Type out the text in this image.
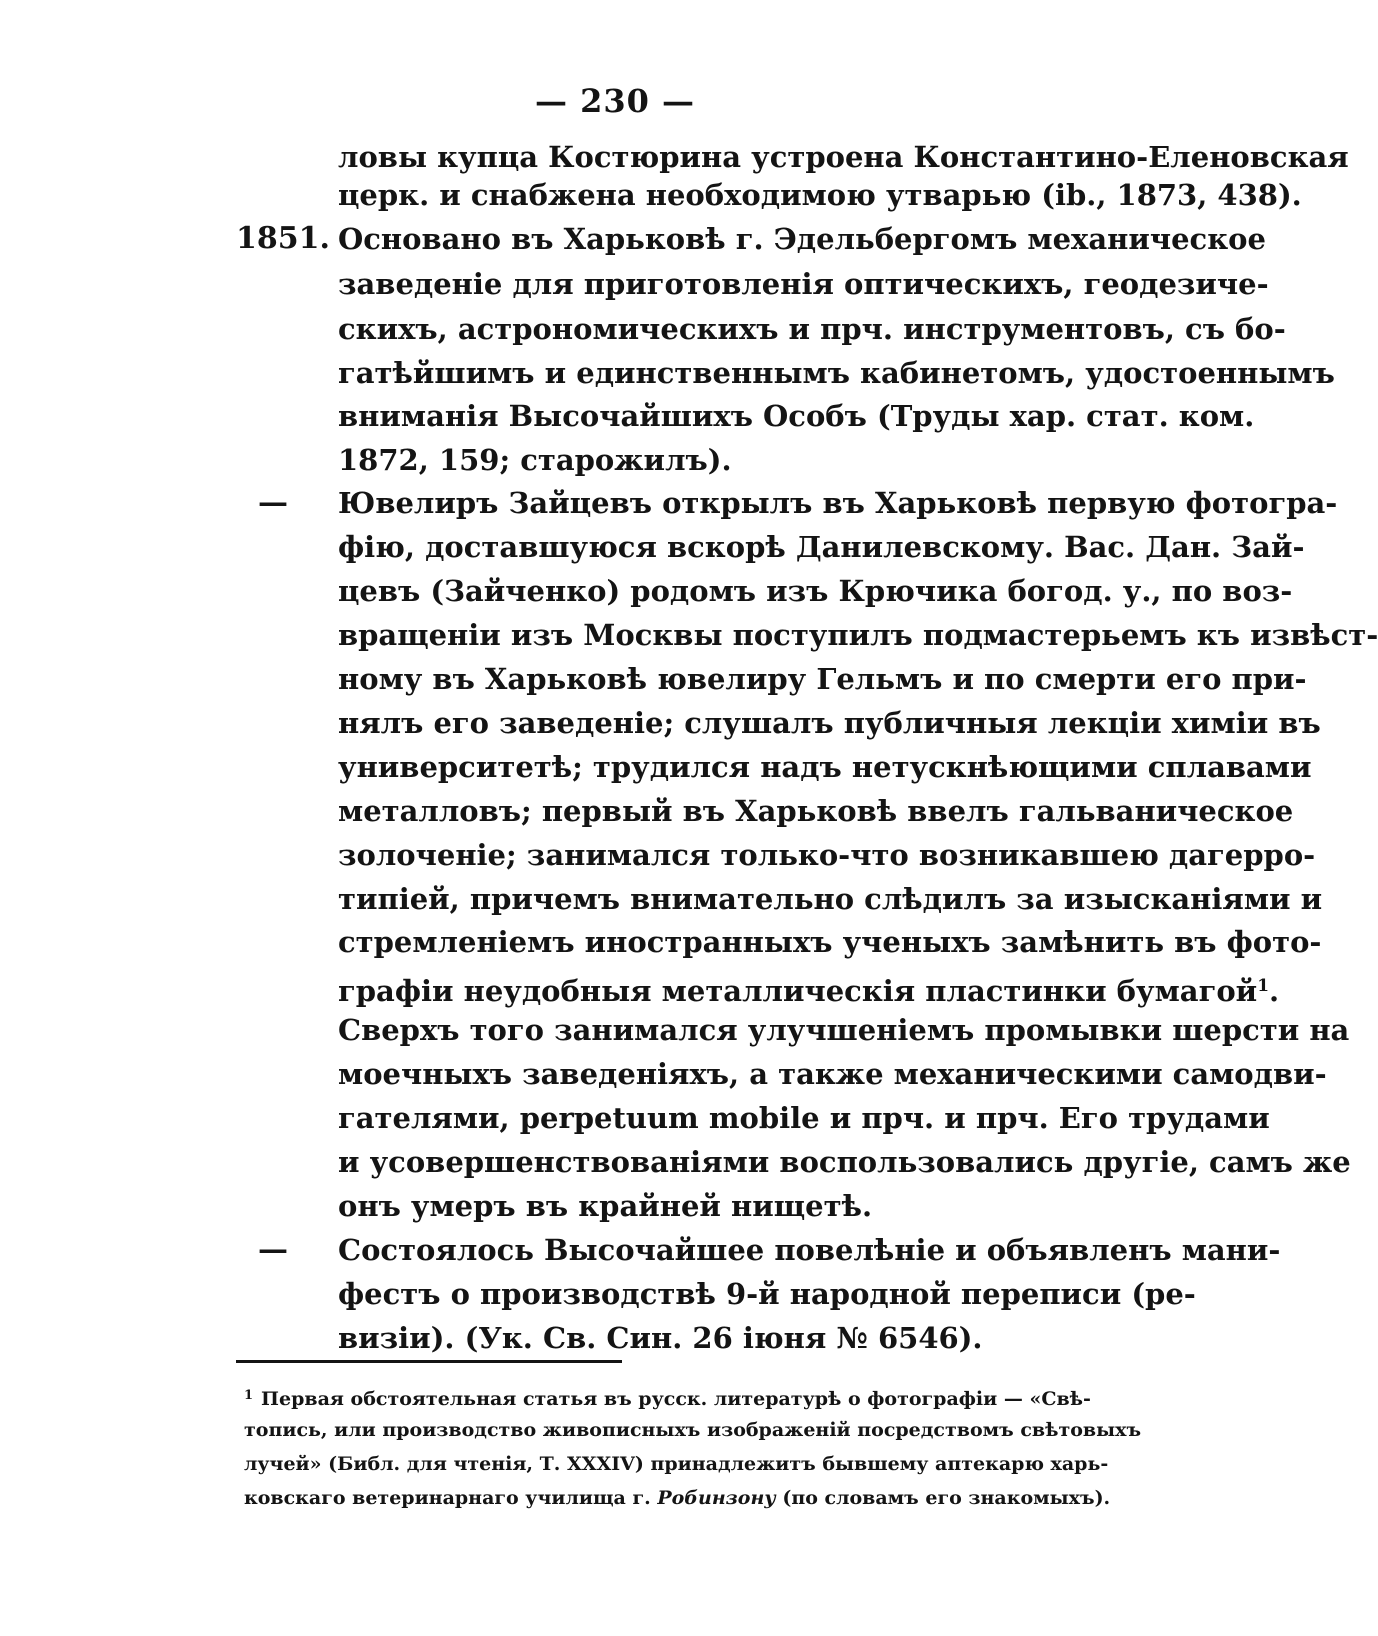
— 230 —
ловы купца Костюрина устроена Константино-Еленовская
церк. и снабжена необходимою утварью (ib., 1873, 438).
1851. Основано въ Харьковѣ г. Эдельбергомъ механическое
заведеніе для приготовленія оптическихъ, геодезиче-
скихъ, астрономическихъ и прч. инструментовъ, съ бо-
гатѣйшимъ и единственнымъ кабинетомъ, удостоеннымъ
вниманія Высочайшихъ Особъ (Труды хар. стат. ком.
1872, 159; старожилъ).
— Ювелиръ Зайцевъ открылъ въ Харьковѣ первую фотогра-
фію, доставшуюся вскорѣ Данилевскому. Вас. Дан. Зай-
цевъ (Зайченко) родомъ изъ Крючика богод. у., по воз-
вращеніи изъ Москвы поступилъ подмастерьемъ къ извѣст-
ному въ Харьковѣ ювелиру Гельмъ и по смерти его при-
нялъ его заведеніе; слушалъ публичныя лекціи химіи въ
университетѣ; трудился надъ нетускнѣющими сплавами
металловъ; первый въ Харьковѣ ввелъ гальваническое
золоченіе; занимался только-что возникавшею дагерро-
типіей, причемъ внимательно слѣдилъ за изысканіями и
стремленіемъ иностранныхъ ученыхъ замѣнить въ фото-
графіи неудобныя металлическія пластинки бумагой$^1$.
Сверхъ того занимался улучшеніемъ промывки шерсти на
моечныхъ заведеніяхъ, а также механическими самодви-
гателями, perpetuum mobile и прч. и прч. Его трудами
и усовершенствованіями воспользовались другіе, самъ же
онъ умеръ въ крайней нищетѣ.
— Состоялось Высочайшее повелѣніе и объявленъ мани-
фестъ о производствѣ 9-й народной переписи (ре-
визіи). (Ук. Св. Син. 26 іюня № 6546).
$^1$ Первая обстоятельная статья въ русск. литературѣ о фотографіи — «Свѣ-
топись, или производство живописныхъ изображеній посредствомъ свѣтовыхъ
лучей» (Библ. для чтенія, Т. XXXIV) принадлежитъ бывшему аптекарю харь-
ковскаго ветеринарнаго училища г. Робинзону (по словамъ его знакомыхъ).
